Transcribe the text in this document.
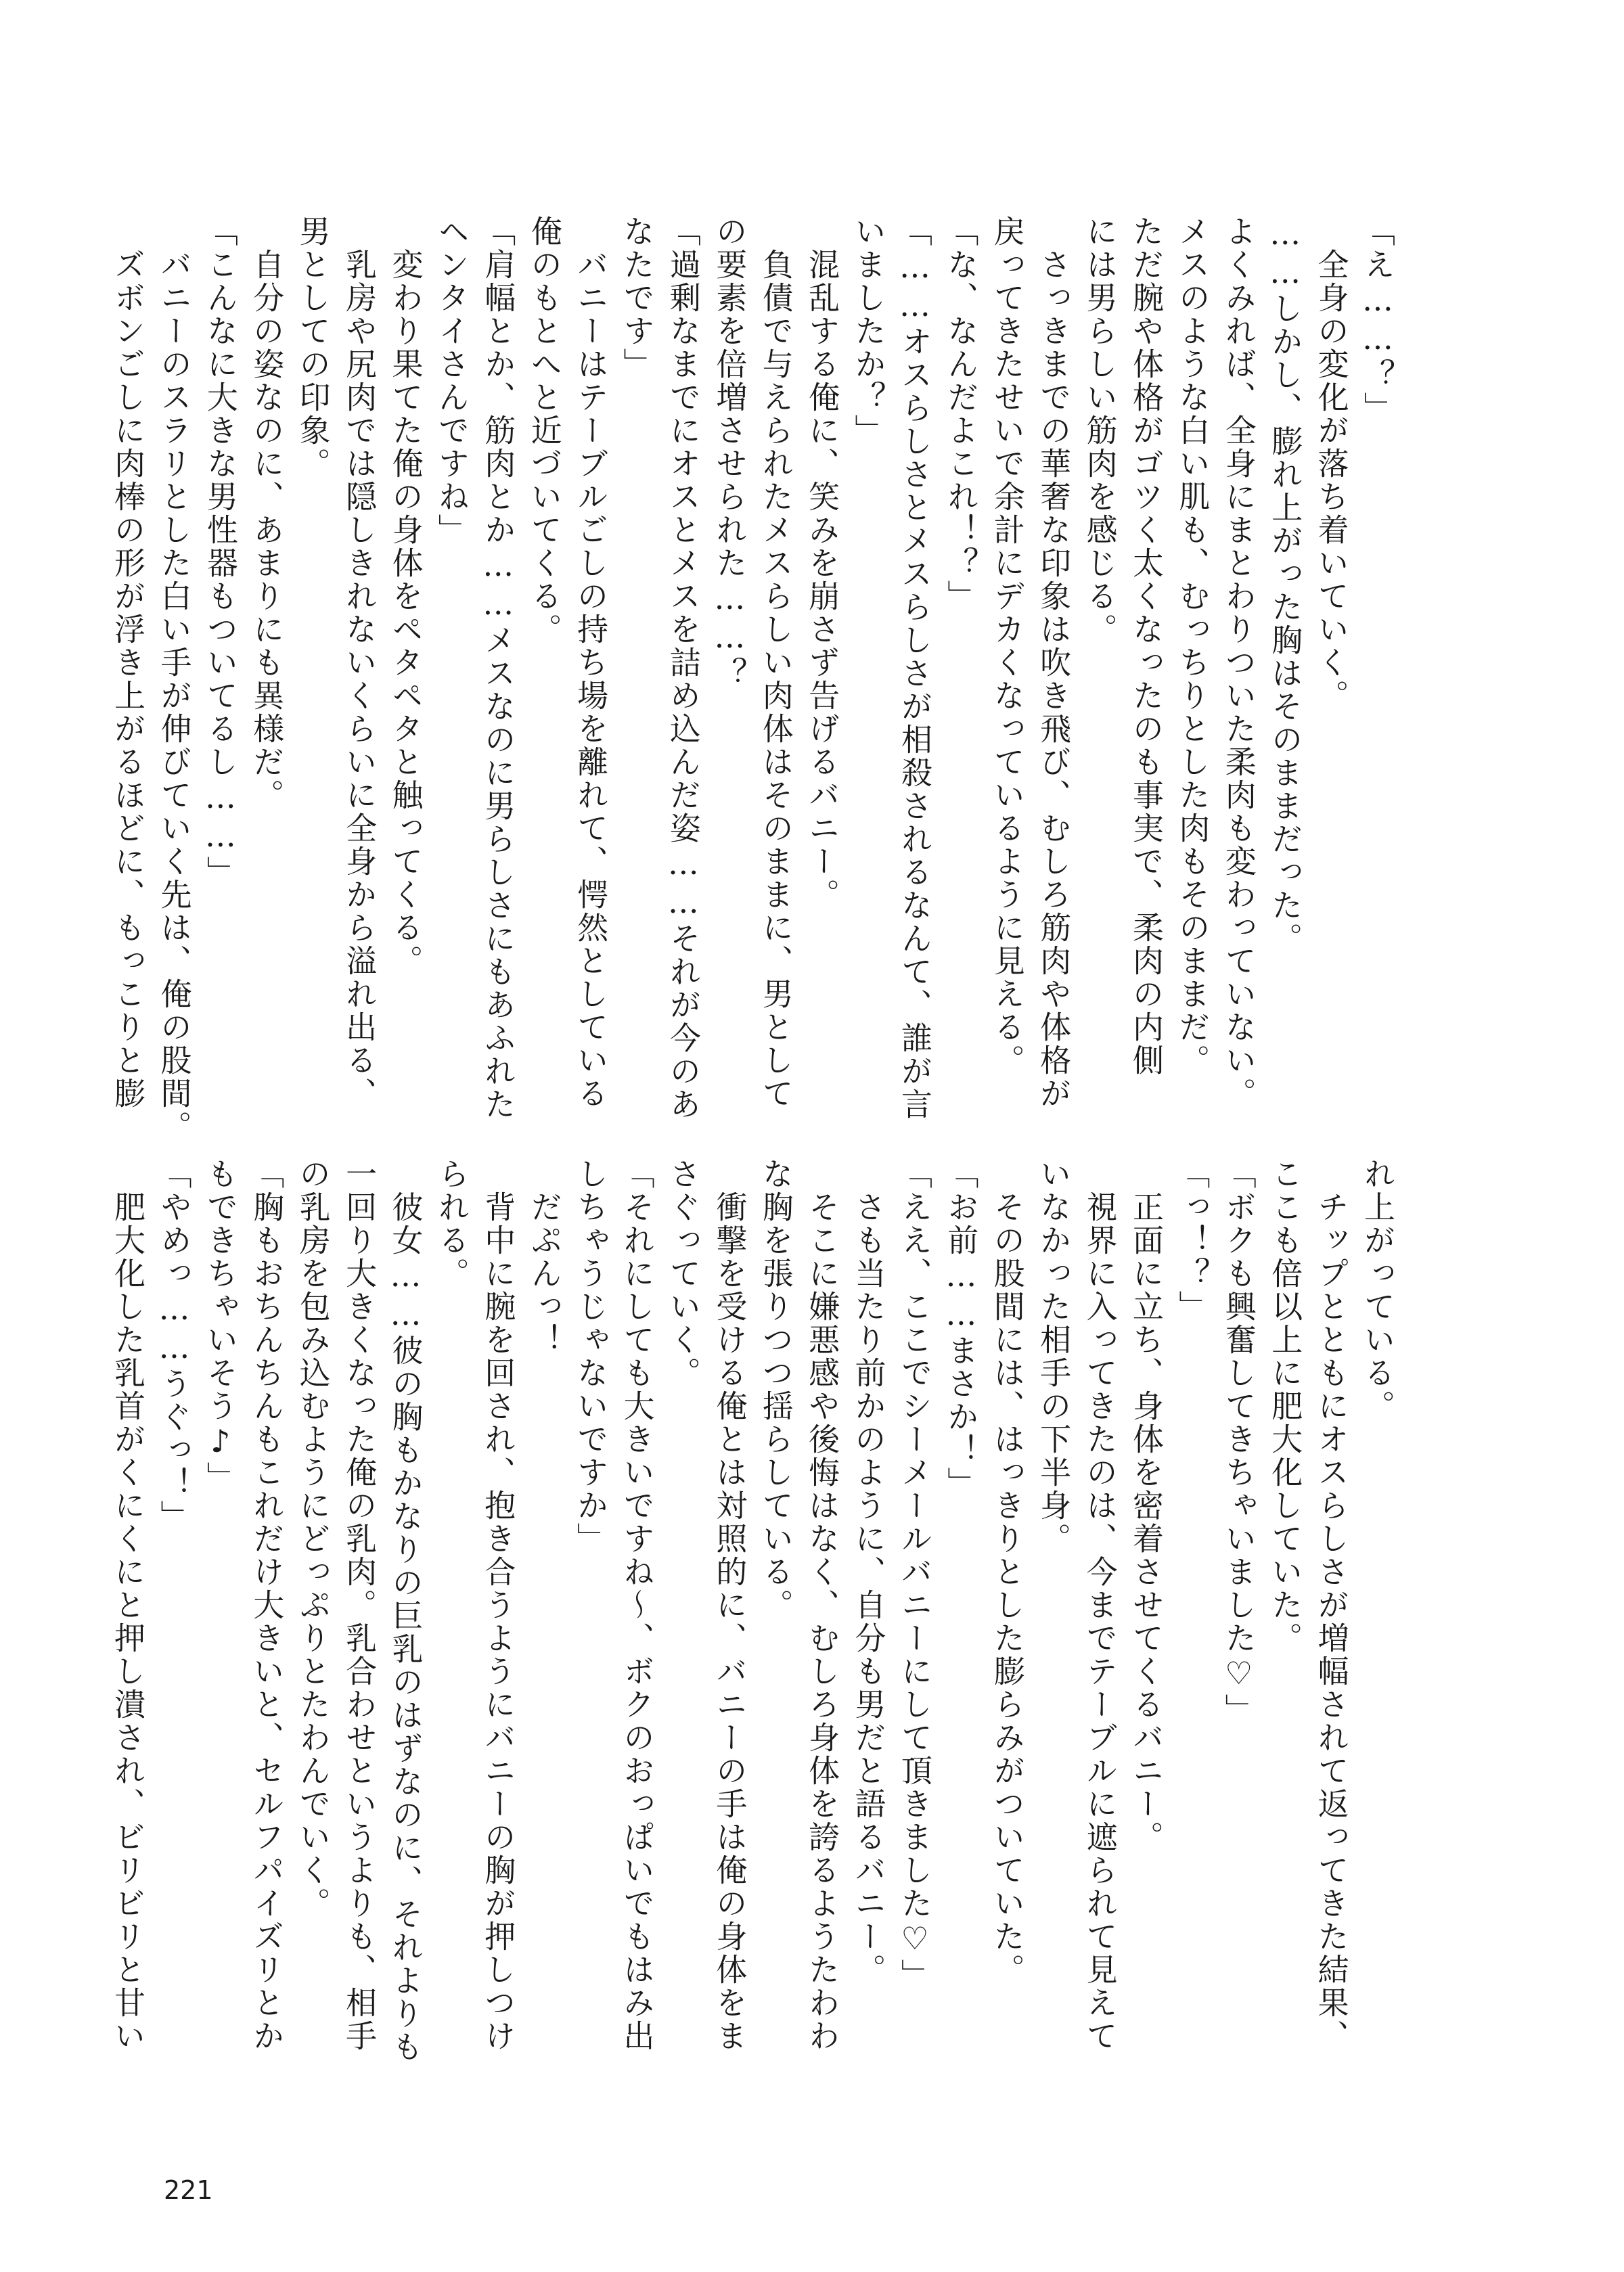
「え……？」
　全身の変化が落ち着いていく。
……しかし、膨れ上がった胸はそのままだった。
よくみれば、全身にまとわりついた柔肉も変わっていない。
メスのような白い肌も、むっちりとした肉もそのままだ。
ただ腕や体格がゴツく太くなったのも事実で、柔肉の内側
には男らしい筋肉を感じる。
　さっきまでの華奢な印象は吹き飛び、むしろ筋肉や体格が
戻ってきたせいで余計にデカくなっているように見える。
「な、なんだよこれ！？」
「……オスらしさとメスらしさが相殺されるなんて、誰が言
いましたか？」
　混乱する俺に、笑みを崩さず告げるバニー。
　負債で与えられたメスらしい肉体はそのままに、男として
の要素を倍増させられた……？
「過剰なまでにオスとメスを詰め込んだ姿……それが今のあ
なたです」
　バニーはテーブルごしの持ち場を離れて、愕然としている
俺のもとへと近づいてくる。
「肩幅とか、筋肉とか……メスなのに男らしさにもあふれた
ヘンタイさんですね」
　変わり果てた俺の身体をペタペタと触ってくる。
　乳房や尻肉では隠しきれないくらいに全身から溢れ出る、
男としての印象。
　自分の姿なのに、あまりにも異様だ。
「こんなに大きな男性器もついてるし……」
　バニーのスラリとした白い手が伸びていく先は、俺の股間。
　ズボンごしに肉棒の形が浮き上がるほどに、もっこりと膨
れ上がっている。
　チップとともにオスらしさが増幅されて返ってきた結果、
ここも倍以上に肥大化していた。
「ボクも興奮してきちゃいました♡」
「っ！？」
　正面に立ち、身体を密着させてくるバニー。
　視界に入ってきたのは、今までテーブルに遮られて見えて
いなかった相手の下半身。
　その股間には、はっきりとした膨らみがついていた。
「お前……まさか！」
「ええ、ここでシーメールバニーにして頂きました♡」
　さも当たり前かのように、自分も男だと語るバニー。
　そこに嫌悪感や後悔はなく、むしろ身体を誇るようたわわ
な胸を張りつつ揺らしている。
　衝撃を受ける俺とは対照的に、バニーの手は俺の身体をま
さぐっていく。
「それにしても大きいですね～、ボクのおっぱいでもはみ出
しちゃうじゃないですか」
　だぷんっ！
　背中に腕を回され、抱き合うようにバニーの胸が押しつけ
られる。
　彼女……彼の胸もかなりの巨乳のはずなのに、それよりも
一回り大きくなった俺の乳肉。乳合わせというよりも、相手
の乳房を包み込むようにどっぷりとたわんでいく。
「胸もおちんちんもこれだけ大きいと、セルフパイズリとか
もできちゃいそう♪」
「やめっ……うぐっ！」
　肥大化した乳首がくにくにと押し潰され、ビリビリと甘い
221
